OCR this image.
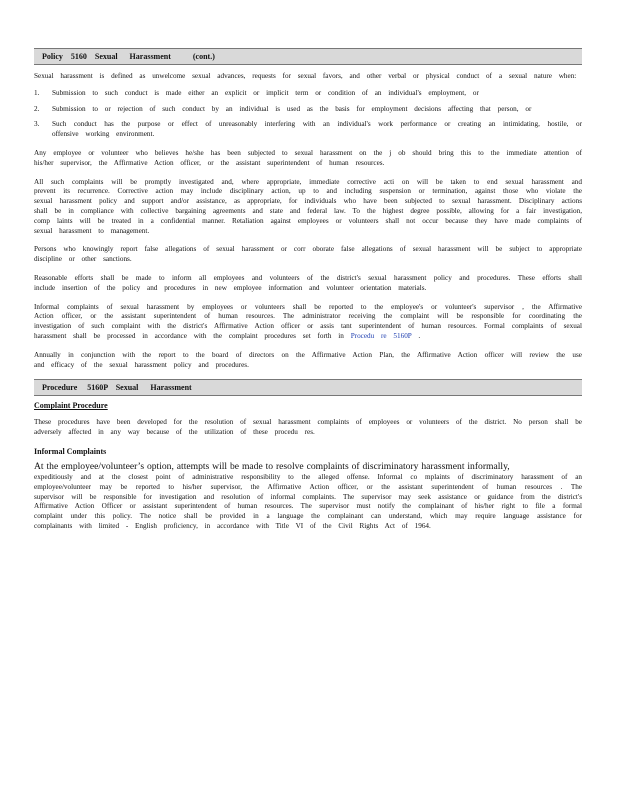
Policy    5160    Sexual      Harassment           (cont.)

Sexual harassment is defined as unwelcome sexual advances, requests for sexual favors, and other verbal or physical conduct of a sexual nature when:

1.	Submission to such conduct is made either an explicit or implicit term or condition of an individual's employment, or
2.	Submission to or rejection of such conduct by an individual is used as the basis for employment decisions affecting that person, or
3.	Such conduct has the purpose or effect of unreasonably interfering with an individual's work performance or creating an intimidating, hostile, or offensive working environment.

Any employee or volunteer who believes he/she has been subjected to sexual harassment on the j ob should bring this to the immediate attention of his/her supervisor, the Affirmative Action officer, or the assistant superintendent of human resources.

All such complaints will be promptly investigated and, where appropriate, immediate corrective acti on will be taken to end sexual harassment and prevent its recurrence. Corrective action may include disciplinary action, up to and including suspension or termination, against those who violate the sexual harassment policy and support and/or assistance, as appropriate, for individuals who have been subjected to sexual harassment. Disciplinary actions shall be in compliance with collective bargaining agreements and state and federal law. To the highest degree possible, allowing for a fair investigation, comp laints will be treated in a confidential manner. Retaliation against employees or volunteers shall not occur because they have made complaints of sexual harassment to management.

Persons who knowingly report false allegations of sexual harassment or corr oborate false allegations of sexual harassment will be subject to appropriate discipline or other sanctions.

Reasonable efforts shall be made to inform all employees and volunteers of the district's sexual harassment policy and procedures. These efforts shall include insertion of the policy and procedures in new employee information and volunteer orientation materials.

Informal complaints of sexual harassment by employees or volunteers shall be reported to the employee's or volunteer's supervisor , the Affirmative Action officer, or the assistant superintendent of human resources. The administrator receiving the complaint will be responsible for coordinating the investigation of such complaint with the district's Affirmative Action officer or assis tant superintendent of human resources. Formal complaints of sexual harassment shall be processed in accordance with the complaint procedures set forth in Procedu re 5160P .

Annually in conjunction with the report to the board of directors on the Affirmative Action Plan, the Affirmative Action officer will review the use and efficacy of the sexual harassment policy and procedures.

Procedure     5160P    Sexual      Harassment
Complaint Procedure

These procedures have been developed for the resolution of sexual harassment complaints of employees or volunteers of the district. No person shall be adversely affected in any way because of the utilization of these procedu res.

Informal Complaints
At the employee/volunteer’s option, attempts will be made to resolve complaints of discriminatory harassment informally,

expeditiously and at the closest point of administrative responsibility to the alleged offense. Informal co mplaints of discriminatory harassment of an employee/volunteer may be reported to his/her supervisor, the Affirmative Action officer, or the assistant superintendent of human resources . The supervisor will be responsible for investigation and resolution of informal complaints. The supervisor may seek assistance or guidance from the district's Affirmative Action Officer or assistant superintendent of human resources. The supervisor must notify the complainant of his/her right to file a formal complaint under this policy. The notice shall be provided in a language the complainant can understand, which may require language assistance for complainants with limited - English proficiency, in accordance with Title VI of the Civil Rights Act of 1964.
